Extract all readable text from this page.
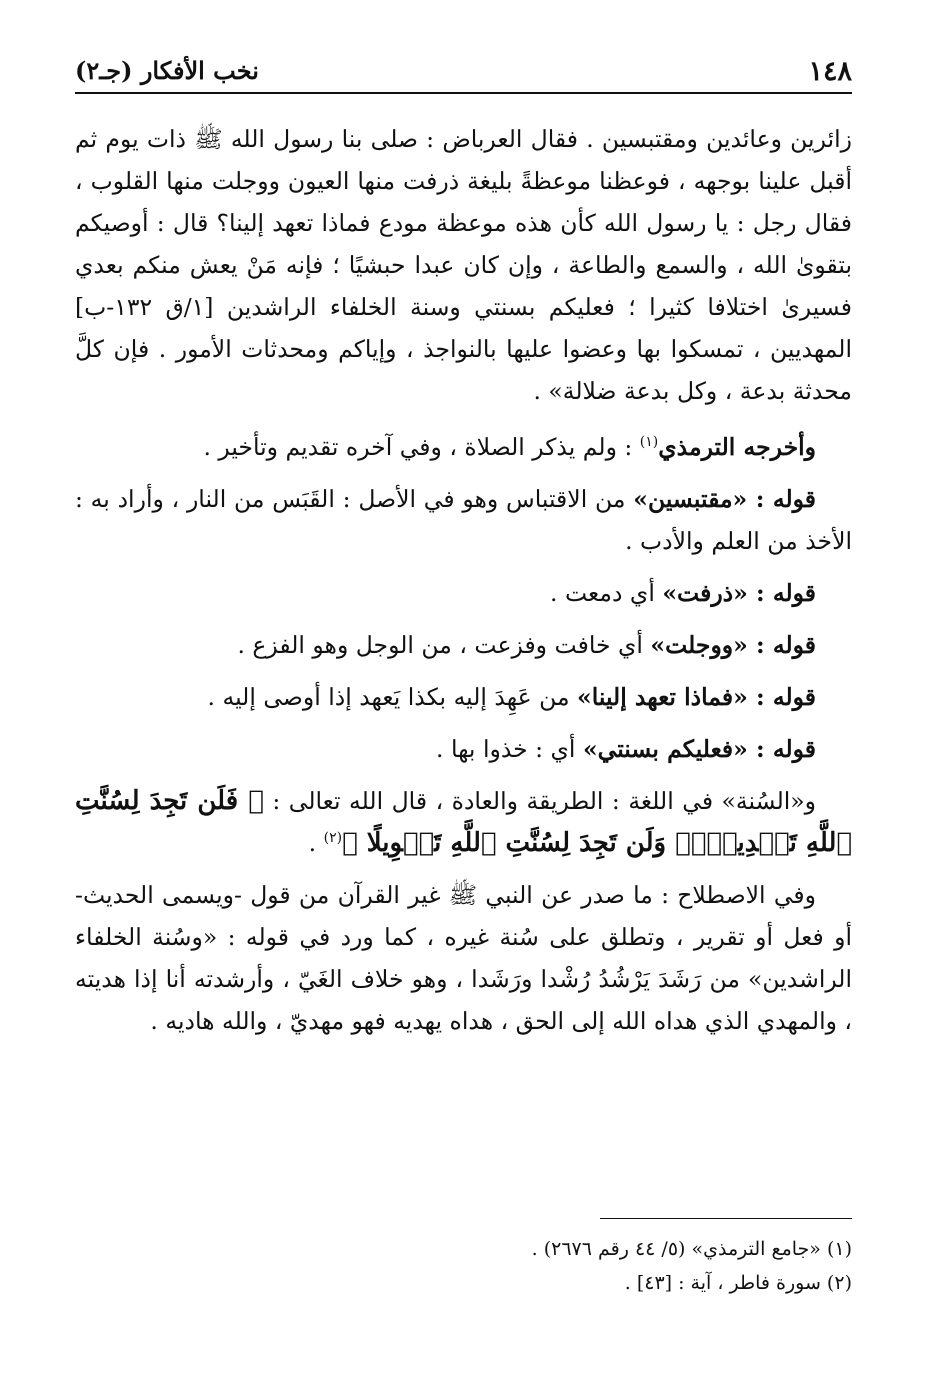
١٤٨
نخب الأفكار (جـ٢)

زائرين وعائدين ومقتبسين . فقال العرباض : صلى بنا رسول الله ﷺ ذات يوم ثم أقبل علينا بوجهه ، فوعظنا موعظةً بليغة ذرفت منها العيون ووجلت منها القلوب ، فقال رجل : يا رسول الله كأن هذه موعظة مودع فماذا تعهد إلينا؟ قال : أوصيكم بتقوىٰ الله ، والسمع والطاعة ، وإن كان عبدا حبشيًا ؛ فإنه مَنْ يعش منكم بعدي فسيرىٰ اختلافا كثيرا ؛ فعليكم بسنتي وسنة الخلفاء الراشدين [١/ق ١٣٢-ب] المهديين ، تمسكوا بها وعضوا عليها بالنواجذ ، وإياكم ومحدثات الأمور . فإن كلَّ محدثة بدعة ، وكل بدعة ضلالة» .

وأخرجه الترمذي$^{(١)}$ : ولم يذكر الصلاة ، وفي آخره تقديم وتأخير .

قوله : «مقتبسين» من الاقتباس وهو في الأصل : القَبَس من النار ، وأراد به : الأخذ من العلم والأدب .

قوله : «ذرفت» أي دمعت .

قوله : «ووجلت» أي خافت وفزعت ، من الوجل وهو الفزع .

قوله : «فماذا تعهد إلينا» من عَهِدَ إليه بكذا يَعهد إذا أوصى إليه .

قوله : «فعليكم بسنتي» أي : خذوا بها .

و«السُنة» في اللغة : الطريقة والعادة ، قال الله تعالى : ﴿ فَلَن تَجِدَ لِسُنَّتِ ٱللَّهِ تَبۡدِيلٗاۖ وَلَن تَجِدَ لِسُنَّتِ ٱللَّهِ تَحۡوِيلًا ﴾$^{(٢)}$ .

وفي الاصطلاح : ما صدر عن النبي ﷺ غير القرآن من قول -ويسمى الحديث- أو فعل أو تقرير ، وتطلق على سُنة غيره ، كما ورد في قوله : «وسُنة الخلفاء الراشدين» من رَشَدَ يَرْشُدُ رُشْدا ورَشَدا ، وهو خلاف الغَيّ ، وأرشدته أنا إذا هديته ، والمهدي الذي هداه الله إلى الحق ، هداه يهديه فهو مهديّ ، والله هاديه .

(١) «جامع الترمذي» (٥/ ٤٤ رقم ٢٦٧٦) .
(٢) سورة فاطر ، آية : [٤٣] .
